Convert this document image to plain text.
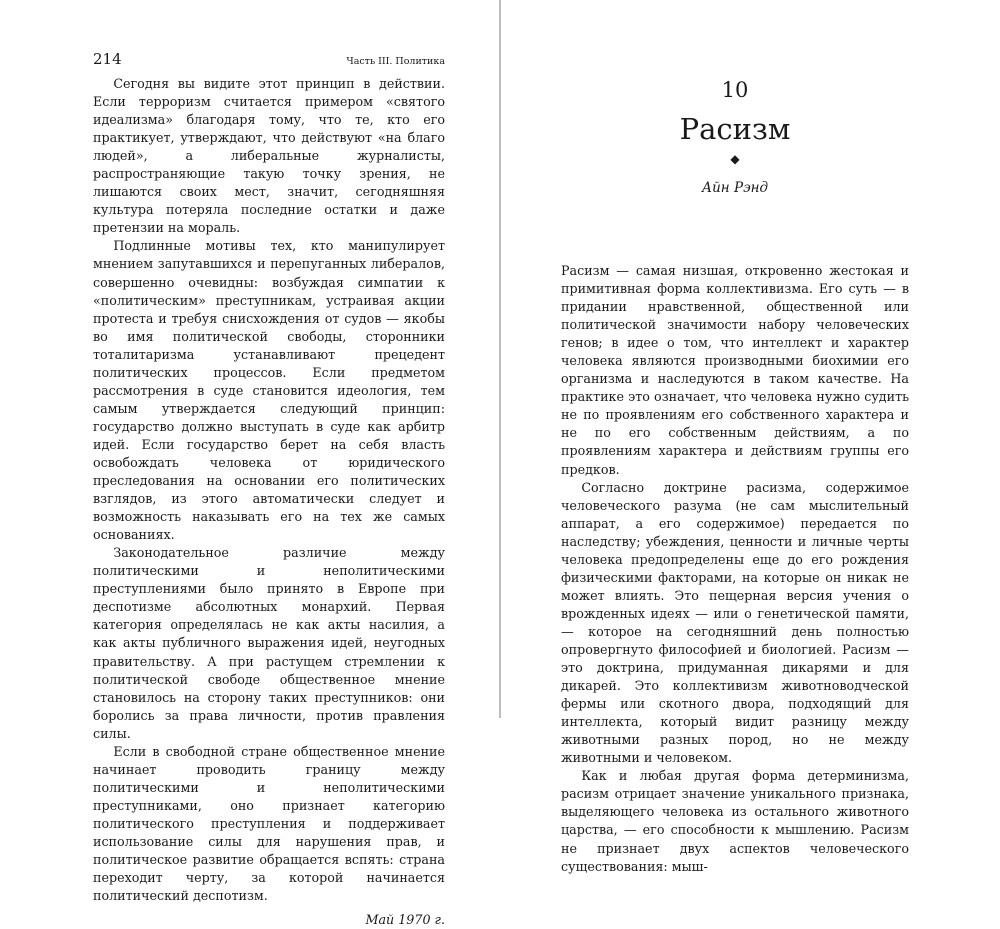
214	Часть III. Политика

Сегодня вы видите этот принцип в действии. Если терроризм считается примером «святого идеализма» благодаря тому, что те, кто его практикует, утверждают, что действуют «на благо людей», а либеральные журналисты, распространяющие такую точку зрения, не лишаются своих мест, значит, сегодняшняя культура потеряла последние остатки и даже претензии на мораль.

Подлинные мотивы тех, кто манипулирует мнением запутавшихся и перепуганных либералов, совершенно очевидны: возбуждая симпатии к «политическим» преступникам, устраивая акции протеста и требуя снисхождения от судов — якобы во имя политической свободы, сторонники тоталитаризма устанавливают прецедент политических процессов. Если предметом рассмотрения в суде становится идеология, тем самым утверждается следующий принцип: государство должно выступать в суде как арбитр идей. Если государство берет на себя власть освобождать человека от юридического преследования на основании его политических взглядов, из этого автоматически следует и возможность наказывать его на тех же самых основаниях.

Законодательное различие между политическими и неполитическими преступлениями было принято в Европе при деспотизме абсолютных монархий. Первая категория определялась не как акты насилия, а как акты публичного выражения идей, неугодных правительству. А при растущем стремлении к политической свободе общественное мнение становилось на сторону таких преступников: они боролись за права личности, против правления силы.

Если в свободной стране общественное мнение начинает проводить границу между политическими и неполитическими преступниками, оно признает категорию политического преступления и поддерживает использование силы для нарушения прав, и политическое развитие обращается вспять: страна переходит черту, за которой начинается политический деспотизм.

Май 1970 г.
10
Расизм
◆
Айн Рэнд

Расизм — самая низшая, откровенно жестокая и примитивная форма коллективизма. Его суть — в придании нравственной, общественной или политической значимости набору человеческих генов; в идее о том, что интеллект и характер человека являются производными биохимии его организма и наследуются в таком качестве. На практике это означает, что человека нужно судить не по проявлениям его собственного характера и не по его собственным действиям, а по проявлениям характера и действиям группы его предков.

Согласно доктрине расизма, содержимое человеческого разума (не сам мыслительный аппарат, а его содержимое) передается по наследству; убеждения, ценности и личные черты человека предопределены еще до его рождения физическими факторами, на которые он никак не может влиять. Это пещерная версия учения о врожденных идеях — или о генетической памяти, — которое на сегодняшний день полностью опровергнуто философией и биологией. Расизм — это доктрина, придуманная дикарями и для дикарей. Это коллективизм животноводческой фермы или скотного двора, подходящий для интеллекта, который видит разницу между животными разных пород, но не между животными и человеком.

Как и любая другая форма детерминизма, расизм отрицает значение уникального признака, выделяющего человека из остального животного царства, — его способности к мышлению. Расизм не признает двух аспектов человеческого существования: мыш-
